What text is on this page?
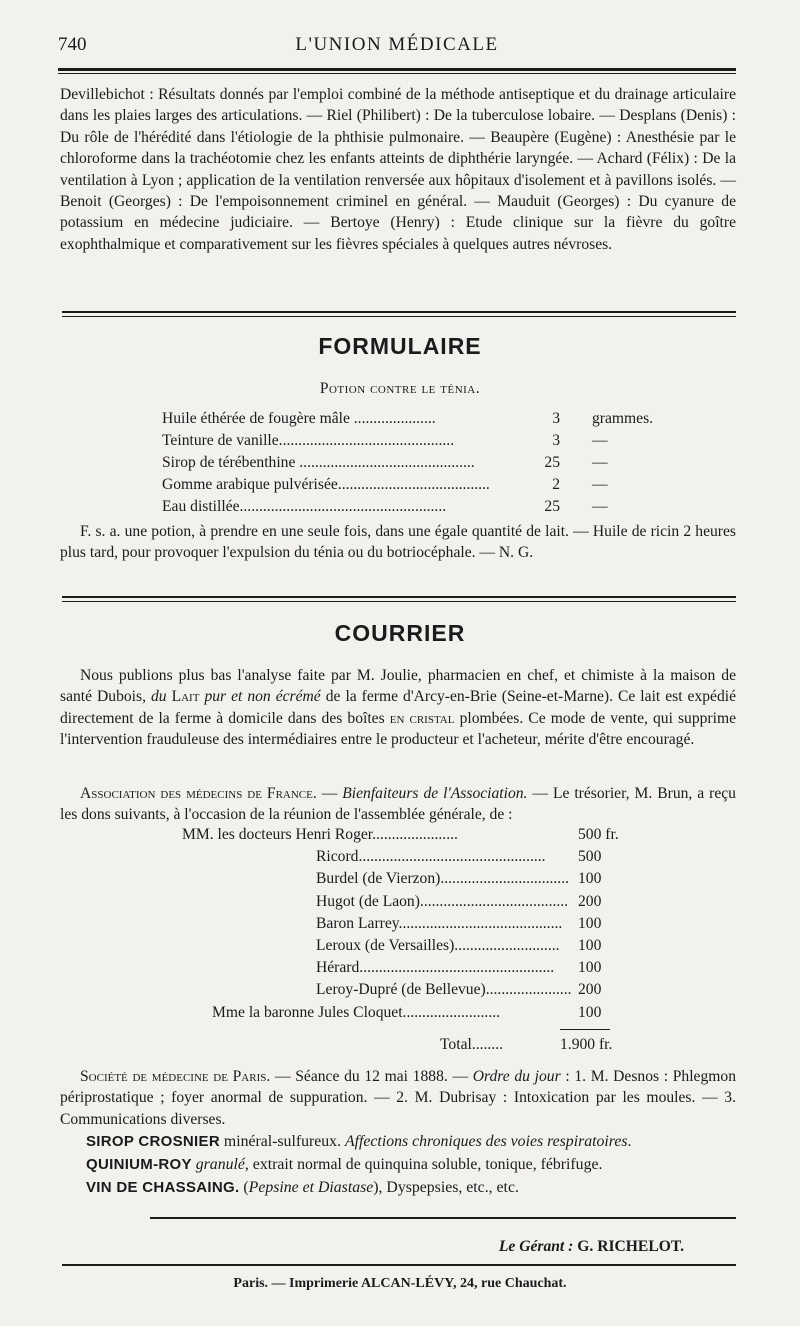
740	L'UNION MÉDICALE
Devillebichot : Résultats donnés par l'emploi combiné de la méthode antiseptique et du drainage articulaire dans les plaies larges des articulations. — Riel (Philibert) : De la tuberculose lobaire. — Desplans (Denis) : Du rôle de l'hérédité dans l'étiologie de la phthisie pulmonaire. — Beaupère (Eugène) : Anesthésie par le chloroforme dans la trachéotomie chez les enfants atteints de diphthérie laryngée. — Achard (Félix) : De la ventilation à Lyon ; application de la ventilation renversée aux hôpitaux d'isolement et à pavillons isolés. — Benoit (Georges) : De l'empoisonnement criminel en général. — Mauduit (Georges) : Du cyanure de potassium en médecine judiciaire. — Bertoye (Henry) : Etude clinique sur la fièvre du goître exophthalmique et comparativement sur les fièvres spéciales à quelques autres névroses.
FORMULAIRE
Potion contre le ténia.
Huile éthérée de fougère mâle .....................	3 grammes.
Teinture de vanille.............................................	3 —
Sirop de térébenthine .............................................	25 —
Gomme arabique pulvérisée.......................................	2 —
Eau distillée.....................................................	25 —
F. s. a. une potion, à prendre en une seule fois, dans une égale quantité de lait. — Huile de ricin 2 heures plus tard, pour provoquer l'expulsion du ténia ou du botriocéphale. — N. G.
COURRIER
Nous publions plus bas l'analyse faite par M. Joulie, pharmacien en chef, et chimiste à la maison de santé Dubois, du Lait pur et non écrémé de la ferme d'Arcy-en-Brie (Seine-et-Marne). Ce lait est expédié directement de la ferme à domicile dans des boîtes en cristal plombées. Ce mode de vente, qui supprime l'intervention frauduleuse des intermédiaires entre le producteur et l'acheteur, mérite d'être encouragé.
Association des médecins de France. — Bienfaiteurs de l'Association. — Le trésorier, M. Brun, a reçu les dons suivants, à l'occasion de la réunion de l'assemblée générale, de :
MM. les docteurs Henri Roger......................	500 fr.
Ricord................................................ 500
Burdel (de Vierzon)................................. 100
Hugot (de Laon)...................................... 200
Baron Larrey.......................................... 100
Leroux (de Versailles)........................... 100
Hérard.................................................. 100
Leroy-Dupré (de Bellevue)...................... 200
Mme la baronne Jules Cloquet.........................	100
Total........	1.900 fr.
Société de médecine de Paris. — Séance du 12 mai 1888. — Ordre du jour : 1. M. Desnos : Phlegmon périprostatique ; foyer anormal de suppuration. — 2. M. Dubrisay : Intoxication par les moules. — 3. Communications diverses.
SIROP CROSNIER minéral-sulfureux. Affections chroniques des voies respiratoires.
QUINIUM-ROY granulé, extrait normal de quinquina soluble, tonique, fébrifuge.
VIN DE CHASSAING. (Pepsine et Diastase), Dyspepsies, etc., etc.
Le Gérant : G. RICHELOT.
Paris. — Imprimerie ALCAN-LÉVY, 24, rue Chauchat.
